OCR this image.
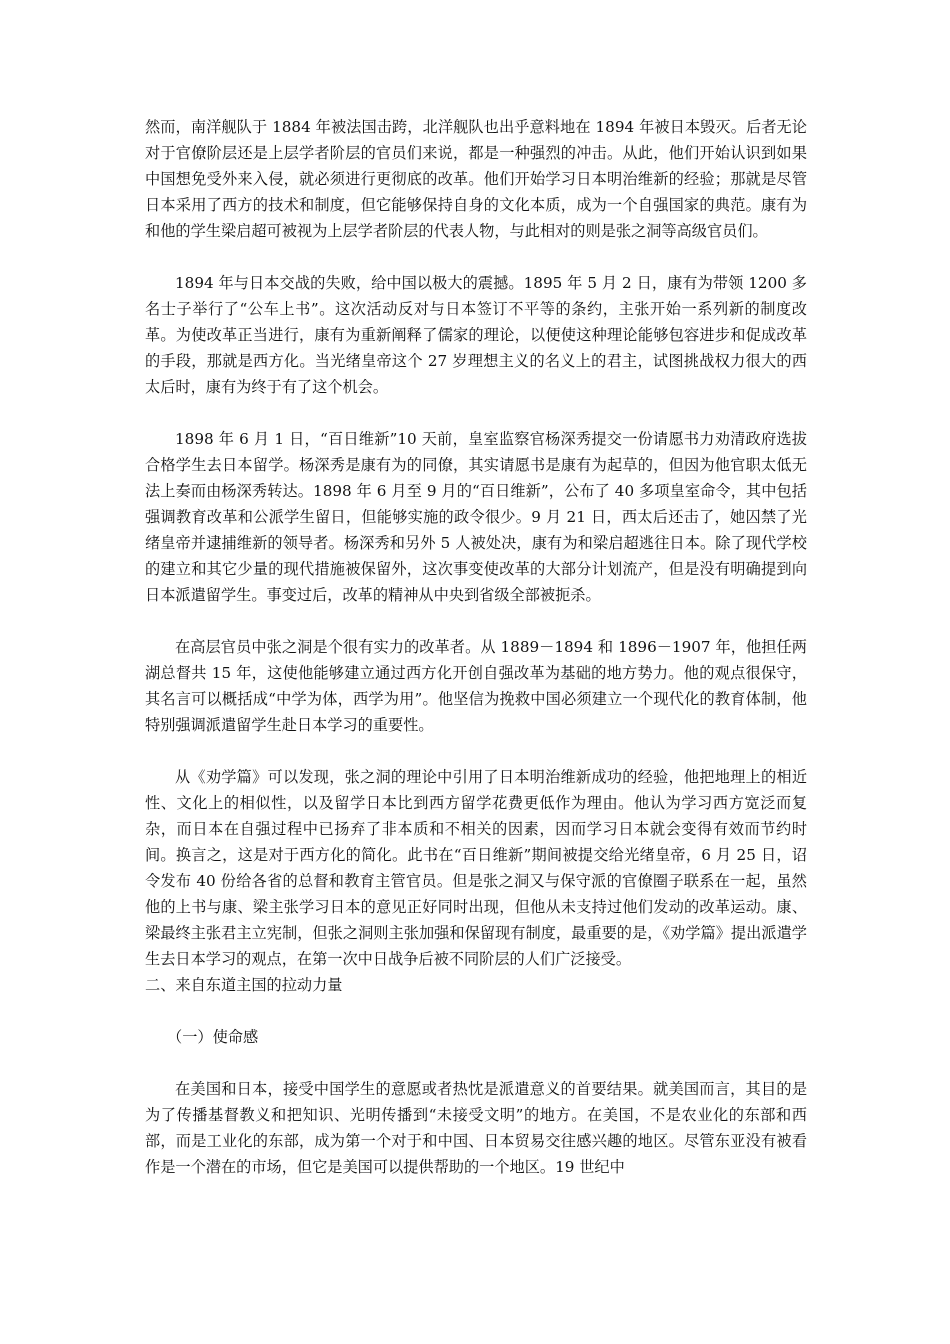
然而，南洋舰队于 1884 年被法国击跨，北洋舰队也出乎意料地在 1894 年被日本毁灭。后者无论对于官僚阶层还是上层学者阶层的官员们来说，都是一种强烈的冲击。从此，他们开始认识到如果中国想免受外来入侵，就必须进行更彻底的改革。他们开始学习日本明治维新的经验；那就是尽管日本采用了西方的技术和制度，但它能够保持自身的文化本质，成为一个自强国家的典范。康有为和他的学生梁启超可被视为上层学者阶层的代表人物，与此相对的则是张之洞等高级官员们。

1894 年与日本交战的失败，给中国以极大的震撼。1895 年 5 月 2 日，康有为带领 1200 多名士子举行了“公车上书”。这次活动反对与日本签订不平等的条约，主张开始一系列新的制度改革。为使改革正当进行，康有为重新阐释了儒家的理论，以便使这种理论能够包容进步和促成改革的手段，那就是西方化。当光绪皇帝这个 27 岁理想主义的名义上的君主，试图挑战权力很大的西太后时，康有为终于有了这个机会。

1898 年 6 月 1 日，“百日维新”10 天前，皇室监察官杨深秀提交一份请愿书力劝清政府选拔合格学生去日本留学。杨深秀是康有为的同僚，其实请愿书是康有为起草的，但因为他官职太低无法上奏而由杨深秀转达。1898 年 6 月至 9 月的“百日维新”，公布了 40 多项皇室命令，其中包括强调教育改革和公派学生留日，但能够实施的政令很少。9 月 21 日，西太后还击了，她囚禁了光绪皇帝并逮捕维新的领导者。杨深秀和另外 5 人被处决，康有为和梁启超逃往日本。除了现代学校的建立和其它少量的现代措施被保留外，这次事变使改革的大部分计划流产，但是没有明确提到向日本派遣留学生。事变过后，改革的精神从中央到省级全部被扼杀。

在高层官员中张之洞是个很有实力的改革者。从 1889－1894 和 1896－1907 年，他担任两湖总督共 15 年，这使他能够建立通过西方化开创自强改革为基础的地方势力。他的观点很保守，其名言可以概括成“中学为体，西学为用”。他坚信为挽救中国必须建立一个现代化的教育体制，他特别强调派遣留学生赴日本学习的重要性。

从《劝学篇》可以发现，张之洞的理论中引用了日本明治维新成功的经验，他把地理上的相近性、文化上的相似性，以及留学日本比到西方留学花费更低作为理由。他认为学习西方宽泛而复杂，而日本在自强过程中已扬弃了非本质和不相关的因素，因而学习日本就会变得有效而节约时间。换言之，这是对于西方化的简化。此书在“百日维新”期间被提交给光绪皇帝，6 月 25 日，诏令发布 40 份给各省的总督和教育主管官员。但是张之洞又与保守派的官僚圈子联系在一起，虽然他的上书与康、梁主张学习日本的意见正好同时出现，但他从未支持过他们发动的改革运动。康、梁最终主张君主立宪制，但张之洞则主张加强和保留现有制度，最重要的是，《劝学篇》提出派遣学生去日本学习的观点，在第一次中日战争后被不同阶层的人们广泛接受。

二、来自东道主国的拉动力量

（一）使命感

在美国和日本，接受中国学生的意愿或者热忱是派遣意义的首要结果。就美国而言，其目的是为了传播基督教义和把知识、光明传播到“未接受文明”的地方。在美国，不是农业化的东部和西部，而是工业化的东部，成为第一个对于和中国、日本贸易交往感兴趣的地区。尽管东亚没有被看作是一个潜在的市场，但它是美国可以提供帮助的一个地区。19 世纪中
